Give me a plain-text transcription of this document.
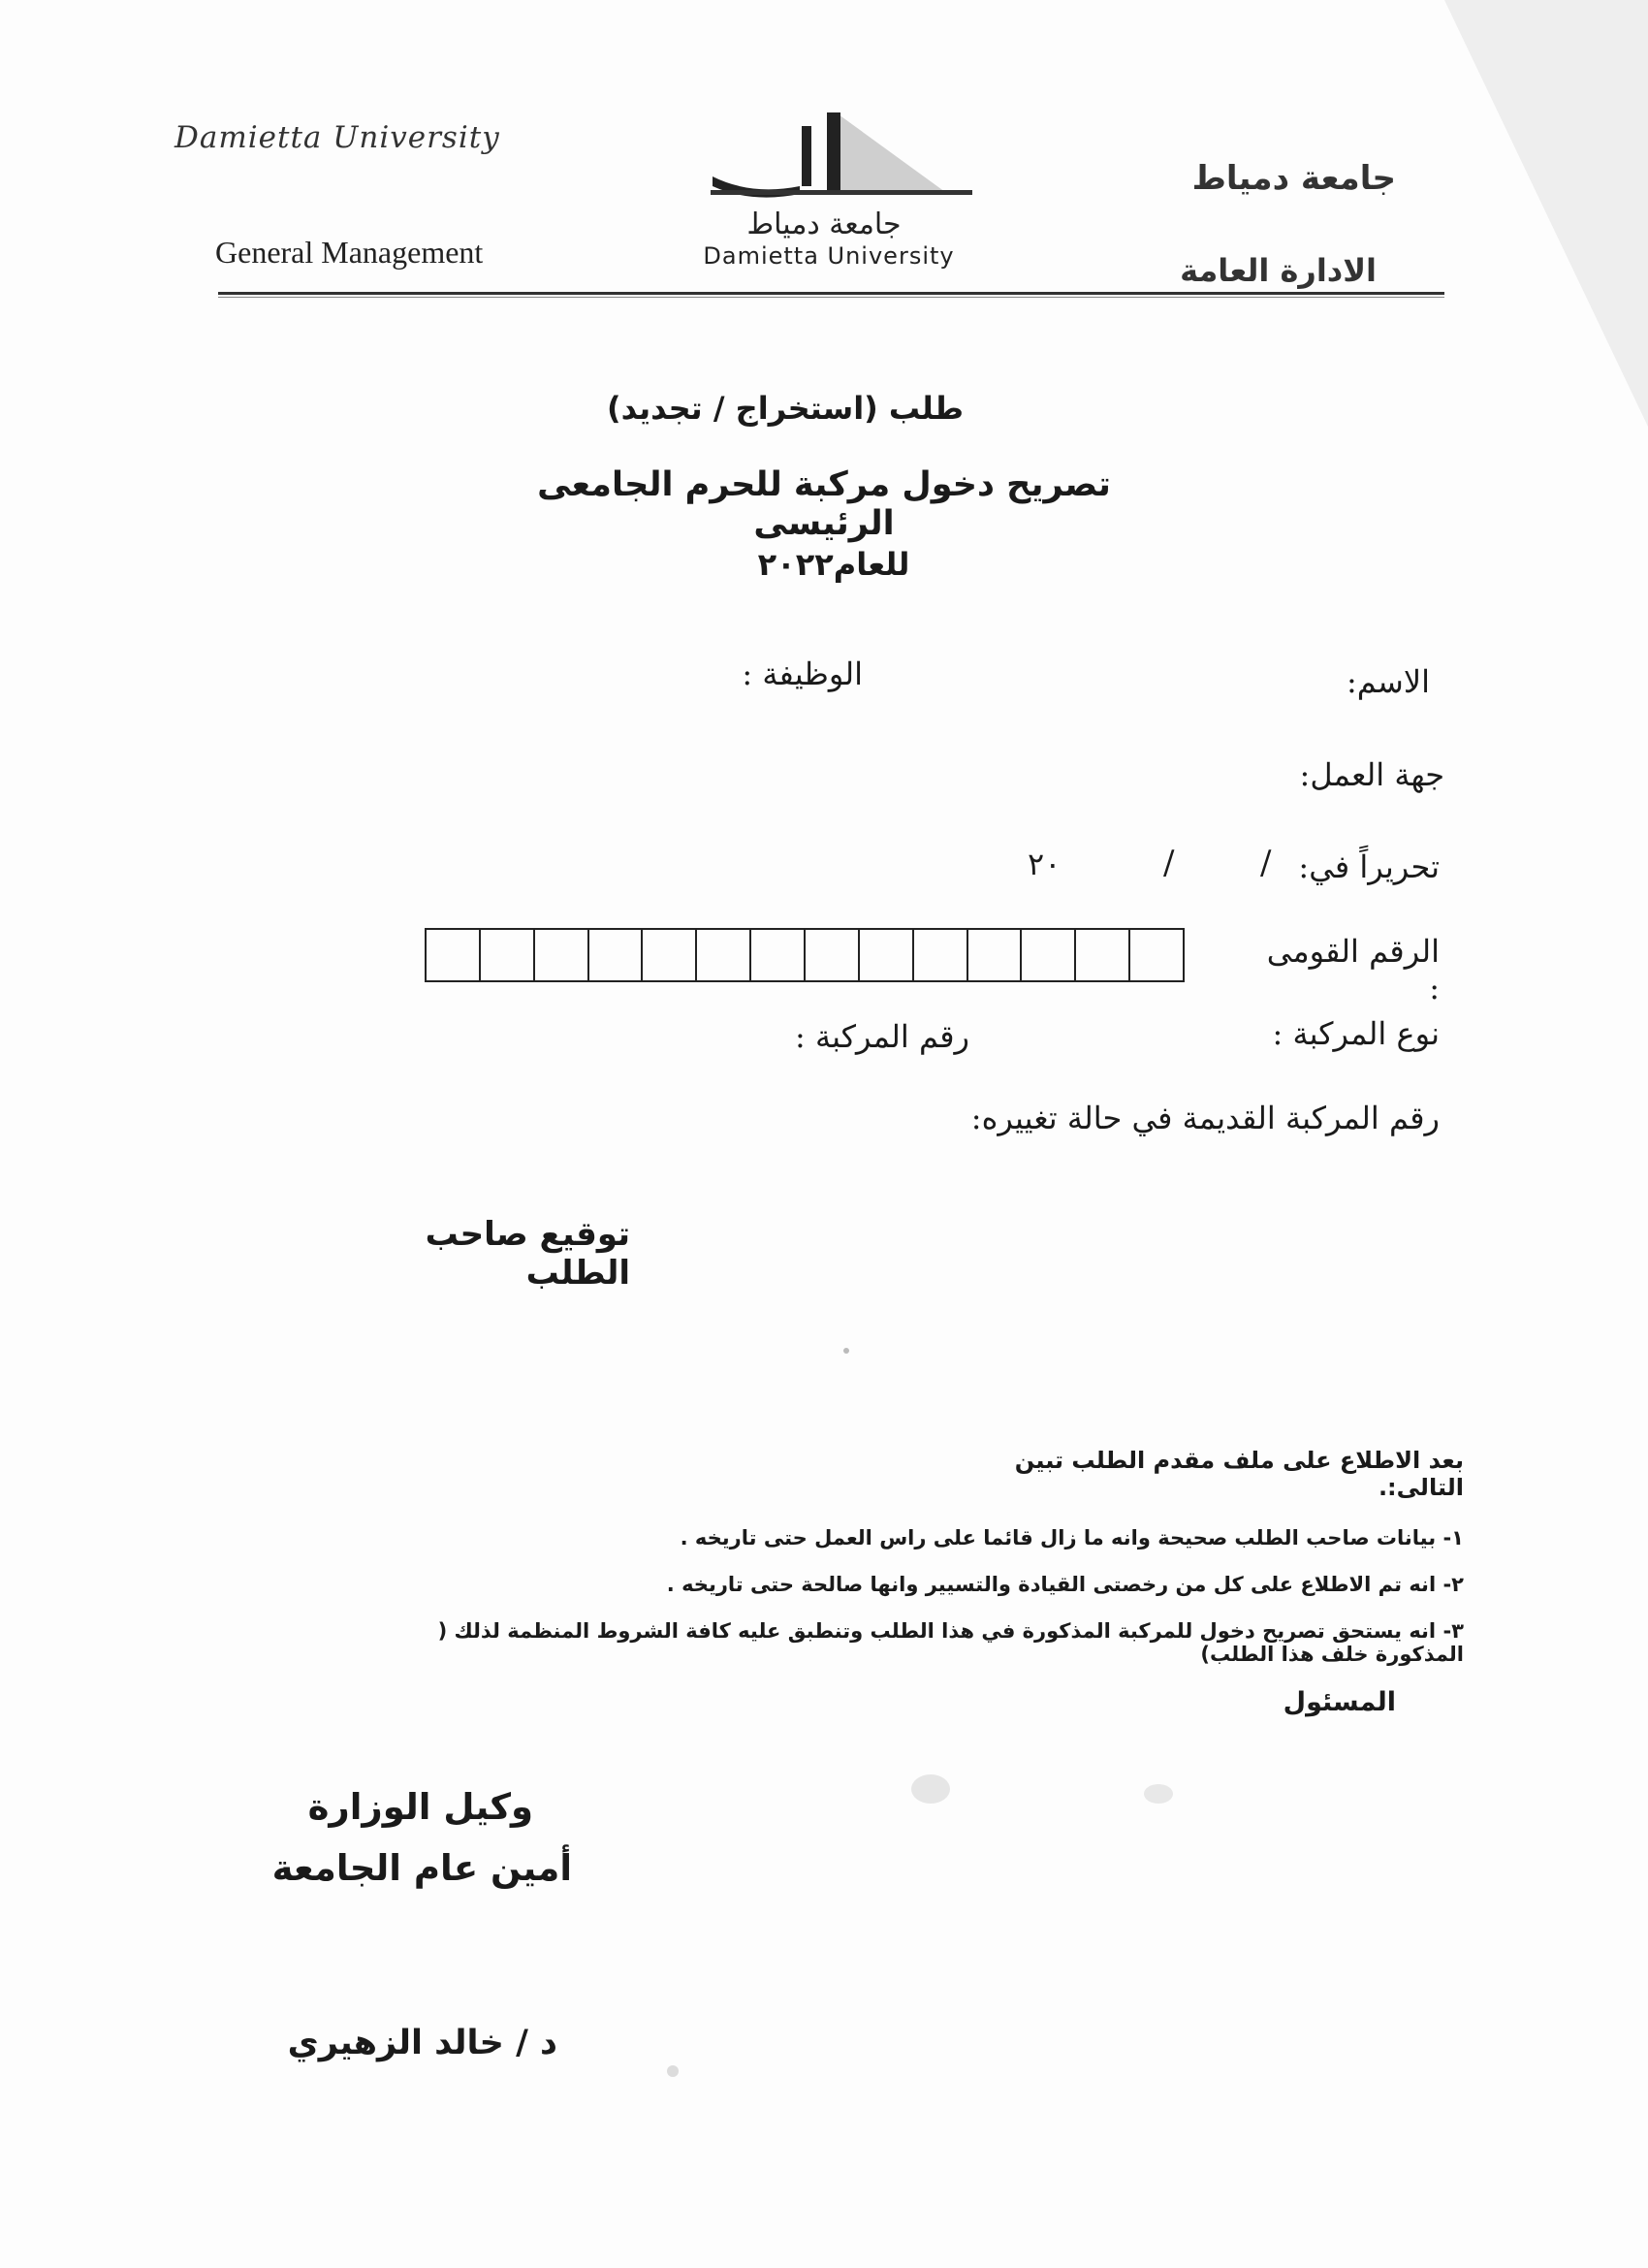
Damietta University
General Management
جامعة دمياط
الادارة العامة
جامعة دمياط
Damietta University
طلب (استخراج / تجديد)
تصريح دخول مركبة للحرم الجامعى الرئيسى
للعام٢٠٢٢
الاسم:
الوظيفة :
جهة العمل:
تحريراً في:
/
/
٢٠
الرقم القومى :
نوع المركبة :
رقم المركبة :
رقم المركبة القديمة في حالة تغييره:
توقيع صاحب الطلب
بعد الاطلاع على ملف مقدم الطلب تبين التالى:.
١- بيانات صاحب الطلب صحيحة وانه ما زال قائما على راس العمل حتى تاريخه .
٢- انه تم الاطلاع على كل من رخصتى القيادة والتسيير وانها صالحة حتى تاريخه .
٣- انه يستحق تصريح دخول للمركبة المذكورة في هذا الطلب وتنطبق عليه كافة الشروط المنظمة لذلك ( المذكورة خلف هذا الطلب)
المسئول
وكيل الوزارة
أمين عام الجامعة
د / خالد الزهيري
